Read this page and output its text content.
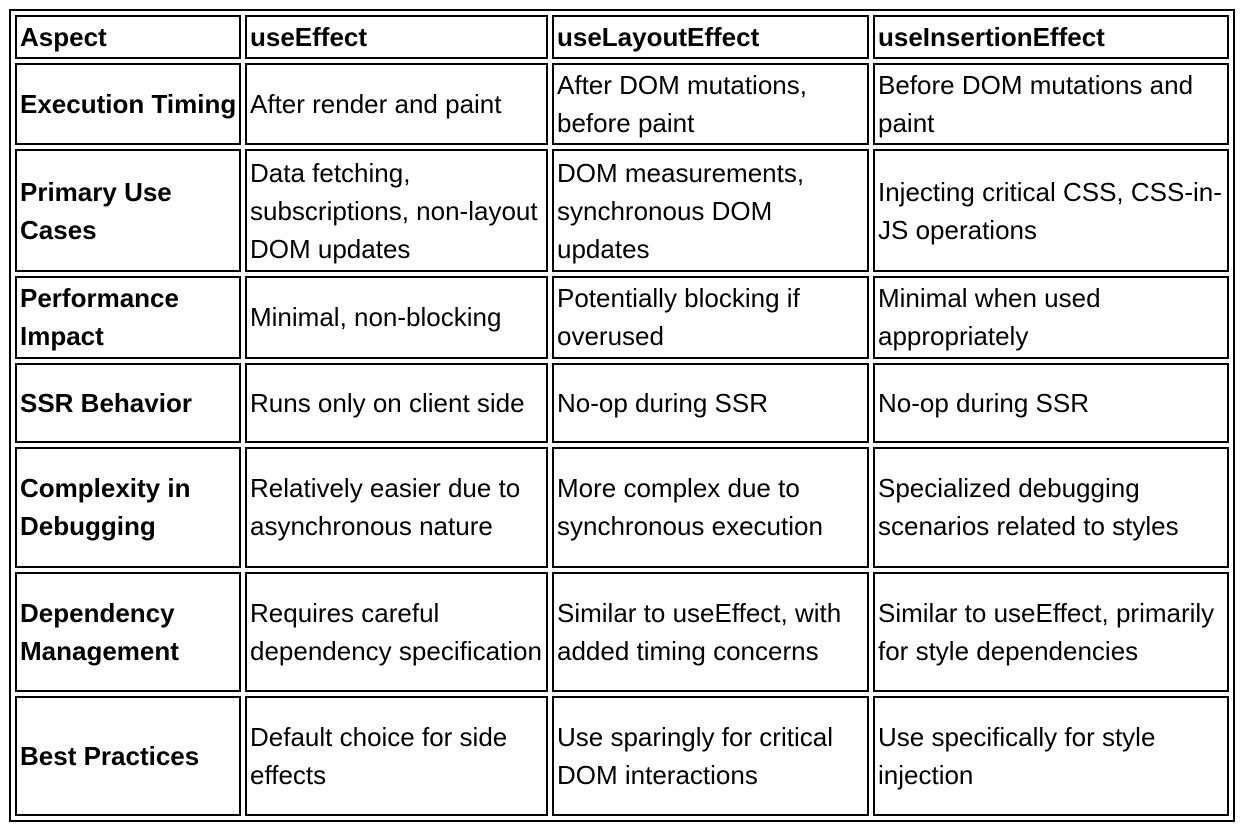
Aspect	useEffect	useLayoutEffect	useInsertionEffect
Execution Timing	After render and paint	After DOM mutations, before paint	Before DOM mutations and paint
Primary Use Cases	Data fetching, subscriptions, non-layout DOM updates	DOM measurements, synchronous DOM updates	Injecting critical CSS, CSS-in-JS operations
Performance Impact	Minimal, non-blocking	Potentially blocking if overused	Minimal when used appropriately
SSR Behavior	Runs only on client side	No-op during SSR	No-op during SSR
Complexity in Debugging	Relatively easier due to asynchronous nature	More complex due to synchronous execution	Specialized debugging scenarios related to styles
Dependency Management	Requires careful dependency specification	Similar to useEffect, with added timing concerns	Similar to useEffect, primarily for style dependencies
Best Practices	Default choice for side effects	Use sparingly for critical DOM interactions	Use specifically for style injection
